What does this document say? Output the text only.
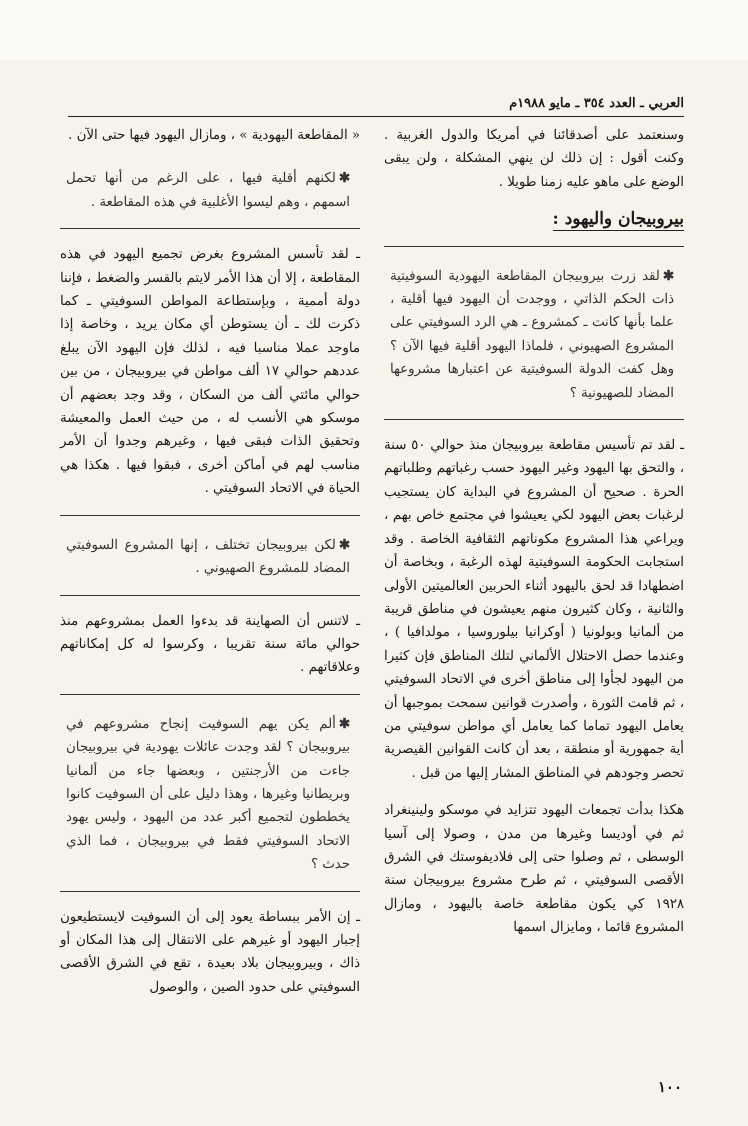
العربي ـ العدد ٣٥٤ ـ مايو ١٩٨٨م

وسنعتمد على أصدقائنا في أمريكا والدول الغربية . وكنت أقول : إن ذلك لن ينهي المشكلة ، ولن يبقى الوضع على ماهو عليه زمنا طويلا .

بيروبيجان واليهود :
✱لقد زرت بيروبيجان المقاطعة اليهودية السوفيتية ذات الحكم الذاتي ، ووجدت أن اليهود فيها أقلية ، علما بأنها كانت ـ كمشروع ـ هي الرد السوفيتي على المشروع الصهيوني ، فلماذا اليهود أقلية فيها الآن ؟ وهل كفت الدولة السوفيتية عن اعتبارها مشروعها المضاد للصهيونية ؟

ـ لقد تم تأسيس مقاطعة بيروبيجان منذ حوالي ٥٠ سنة ، والتحق بها اليهود وغير اليهود حسب رغباتهم وطلباتهم الحرة . صحيح أن المشروع في البداية كان يستجيب لرغبات بعض اليهود لكي يعيشوا في مجتمع خاص بهم ، ويراعي هذا المشروع مكوناتهم الثقافية الخاصة . وقد استجابت الحكومة السوفيتية لهذه الرغبة ، وبخاصة أن اضطهادا قد لحق باليهود أثناء الحربين العالميتين الأولى والثانية ، وكان كثيرون منهم يعيشون في مناطق قريبة من ألمانيا وبولونيا ( أوكرانيا بيلوروسيا ، مولدافيا ) ، وعندما حصل الاحتلال الألماني لتلك المناطق فإن كثيرا من اليهود لجأوا إلى مناطق أخرى في الاتحاد السوفيتي ، ثم قامت الثورة ، وأصدرت قوانين سمحت بموجبها أن يعامل اليهود تماما كما يعامل أي مواطن سوفيتي من أية جمهورية أو منطقة ، بعد أن كانت القوانين القيصرية تحصر وجودهم في المناطق المشار إليها من قبل .

هكذا بدأت تجمعات اليهود تتزايد في موسكو ولينينغراد ثم في أوديسا وغيرها من مدن ، وصولا إلى آسيا الوسطى ، ثم وصلوا حتى إلى فلاديفوستك في الشرق الأقصى السوفيتي ، ثم طرح مشروع بيروبيجان سنة ١٩٢٨ كي يكون مقاطعة خاصة باليهود ، ومازال المشروع قائما ، ومايزال اسمها

« المقاطعة اليهودية » ، ومازال اليهود فيها حتى الآن .

✱لكنهم أقلية فيها ، على الرغم من أنها تحمل اسمهم ، وهم ليسوا الأغلبية في هذه المقاطعة .

ـ لقد تأسس المشروع بغرض تجميع اليهود في هذه المقاطعة ، إلا أن هذا الأمر لايتم بالقسر والضغط ، فإننا دولة أممية ، وبإستطاعة المواطن السوفيتي ـ كما ذكرت لك ـ أن يستوطن أي مكان يريد ، وخاصة إذا ماوجد عملا مناسبا فيه ، لذلك فإن اليهود الآن يبلغ عددهم حوالي ١٧ ألف مواطن في بيروبيجان ، من بين حوالي مائتي ألف من السكان ، وقد وجد بعضهم أن موسكو هي الأنسب له ، من حيث العمل والمعيشة وتحقيق الذات فبقى فيها ، وغيرهم وجدوا أن الأمر مناسب لهم في أماكن أخرى ، فبقوا فيها . هكذا هي الحياة في الاتحاد السوفيتي .

✱لكن بيروبيجان تختلف ، إنها المشروع السوفيتي المضاد للمشروع الصهيوني .

ـ لاتنس أن الصهاينة قد بدءوا العمل بمشروعهم منذ حوالي مائة سنة تقريبا ، وكرسوا له كل إمكاناتهم وعلاقاتهم .

✱ألم يكن يهم السوفيت إنجاح مشروعهم في بيروبيجان ؟ لقد وجدت عائلات يهودية في بيروبيجان جاءت من الأرجنتين ، وبعضها جاء من ألمانيا وبريطانيا وغيرها ، وهذا دليل على أن السوفيت كانوا يخططون لتجميع أكبر عدد من اليهود ، وليس يهود الاتحاد السوفيتي فقط في بيروبيجان ، فما الذي حدث ؟

ـ إن الأمر ببساطة يعود إلى أن السوفيت لايستطيعون إجبار اليهود أو غيرهم على الانتقال إلى هذا المكان أو ذاك ، وبيروبيجان بلاد بعيدة ، تقع في الشرق الأقصى السوفيتي على حدود الصين ، والوصول

١٠٠
